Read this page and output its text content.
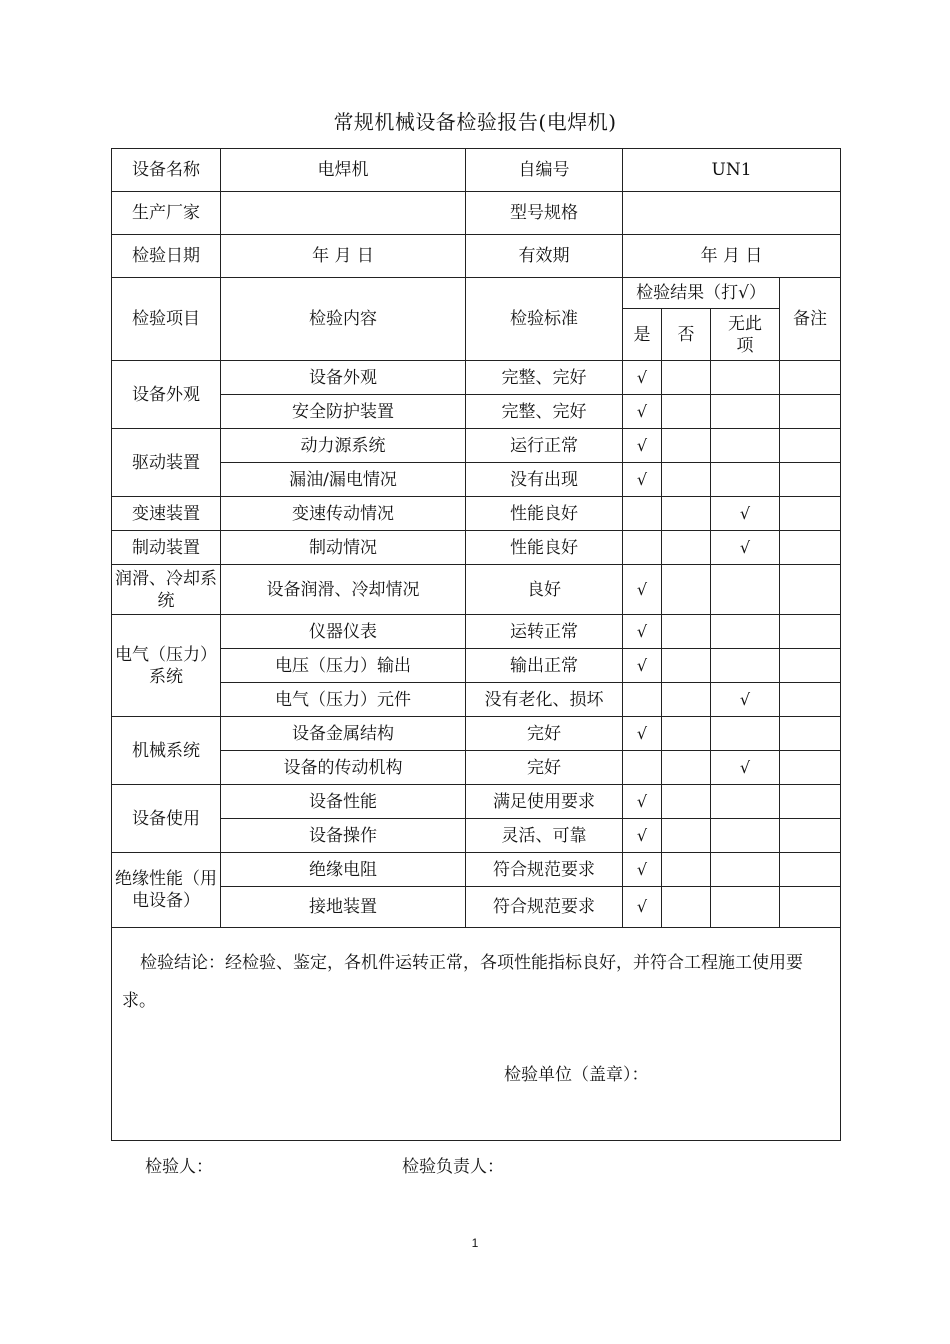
常规机械设备检验报告(电焊机)
设备名称	电焊机	自编号	UN1			
生产厂家		型号规格				
检验日期	年 月 日	有效期	年 月 日			
检验项目	检验内容	检验标准	检验结果（打√）			备注
			是	否	无此项	
设备外观	设备外观	完整、完好	√			
	安全防护装置	完整、完好	√			
驱动装置	动力源系统	运行正常	√			
	漏油/漏电情况	没有出现	√			
变速装置	变速传动情况	性能良好			√	
制动装置	制动情况	性能良好			√	
润滑、冷却系统	设备润滑、冷却情况	良好	√			
电气（压力）系统	仪器仪表	运转正常	√			
	电压（压力）输出	输出正常	√			
	电气（压力）元件	没有老化、损坏			√	
机械系统	设备金属结构	完好	√			
	设备的传动机构	完好			√	
设备使用	设备性能	满足使用要求	√			
	设备操作	灵活、可靠	√			
绝缘性能（用电设备）	绝缘电阻	符合规范要求	√			
	接地装置	符合规范要求	√			

检验结论：经检验、鉴定，各机件运转正常，各项性能指标良好，并符合工程施工使用要求。
检验单位（盖章）：						
检验人：	检验负责人：
1
